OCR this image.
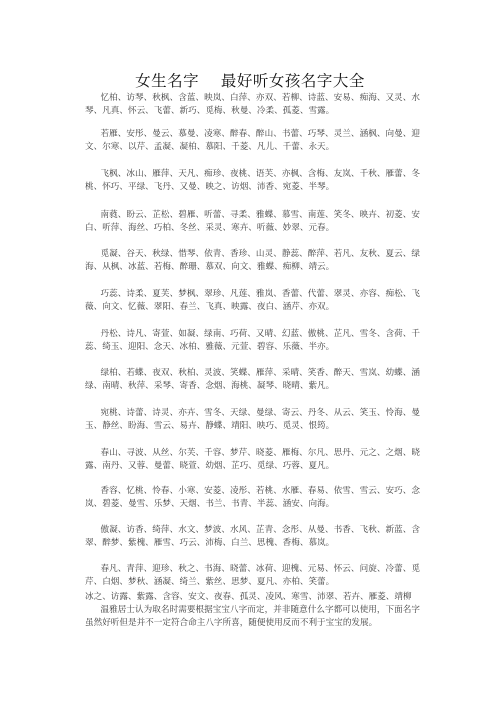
女生名字    最好听女孩名字大全
忆柏、访琴、秋枫、含蓝、映岚、白萍、亦双、若柳、诗蓝、安易、痴海、又灵、水琴、凡真、怀云、飞蕾、新巧、觅梅、秋曼、冷柔、孤菱、雪露。
若雁、安彤、曼云、慕曼、凌寒、醉春、醉山、书蕾、巧琴、灵兰、涵枫、向曼、迎文、尔寒、以芹、孟凝、凝柏、慕阳、千菱、凡儿、千蕾、永天。
飞枫、冰山、雁萍、天凡、痴珍、夜桃、语芙、亦枫、含梅、友岚、千秋、雁蕾、冬桃、怀巧、平绿、飞丹、又曼、映之、访烟、沛香、宛菱、半琴。
南蕤、盼云、芷松、碧雁、听蕾、寻柔、雅蝶、慕雪、南莲、笑冬、映卉、初菱、安白、听萍、海丝、巧柏、冬丝、采灵、寒卉、听薇、妙翠、元春。
觅凝、谷天、秋绿、惜琴、依青、香珍、山灵、静蕊、醉萍、若凡、友秋、夏云、绿海、从枫、冰蓝、若梅、醉珊、慕双、向文、雅蝶、痴柳、靖云。
巧蕊、诗柔、夏芙、梦枫、翠珍、凡莲、雅岚、香蕾、代蕾、翠灵、亦容、痴松、飞薇、向文、忆薇、翠阳、春兰、飞真、映露、夜白、涵芹、亦双。
丹松、诗凡、寄萱、如凝、绿南、巧荷、又晴、幻蓝、傲桃、芷凡、雪冬、含荷、千蕊、绮玉、迎阳、念天、冰柏、雅薇、元萱、碧容、乐薇、半亦。
绿柏、若蝶、夜双、秋柏、灵波、笑蝶、雁萍、采晴、笑香、醉天、雪岚、幼蝶、涵绿、南晴、秋萍、采琴、寄香、念烟、海桃、凝琴、晓晴、紫凡。
宛桃、诗蕾、诗灵、亦卉、雪冬、天绿、曼绿、寄云、丹冬、从云、笑玉、怜海、曼玉、静丝、盼海、雪云、易卉、静蝶、靖阳、映巧、觅灵、恨筠。
春山、寻波、从丝、尔芙、千容、梦芹、晓菱、雁梅、尔凡、思丹、元之、之烟、晓露、南丹、又蓉、曼蕾、晓萱、幼烟、芷巧、觅绿、巧蓉、夏凡。
香容、忆桃、怜春、小寒、安菱、凌彤、若桃、水雁、春易、依雪、雪云、安巧、念岚、碧菱、曼雪、乐梦、天烟、书兰、书青、半蕊、涵安、向海。
傲凝、访香、绮萍、水文、梦波、水风、芷青、念彤、从曼、书香、飞秋、新蓝、含翠、醉梦、紫槐、雁雪、巧云、沛梅、白兰、思槐、香梅、慕岚。
春凡、青萍、迎珍、秋之、书海、晓蕾、冰荷、迎槐、元易、怀云、问旋、冷蕾、觅芹、白烟、梦秋、涵凝、绮兰、紫丝、思梦、夏凡、亦柏、笑蕾。
冰之、访露、紫露、含容、安文、夜春、孤灵、凌风、寒雪、沛翠、若卉、雁菱、靖柳
温雅居士认为取名时需要根据宝宝八字而定，并非随意什么字都可以使用，下面名字虽然好听但是并不一定符合命主八字所喜，随便使用反而不利于宝宝的发展。
